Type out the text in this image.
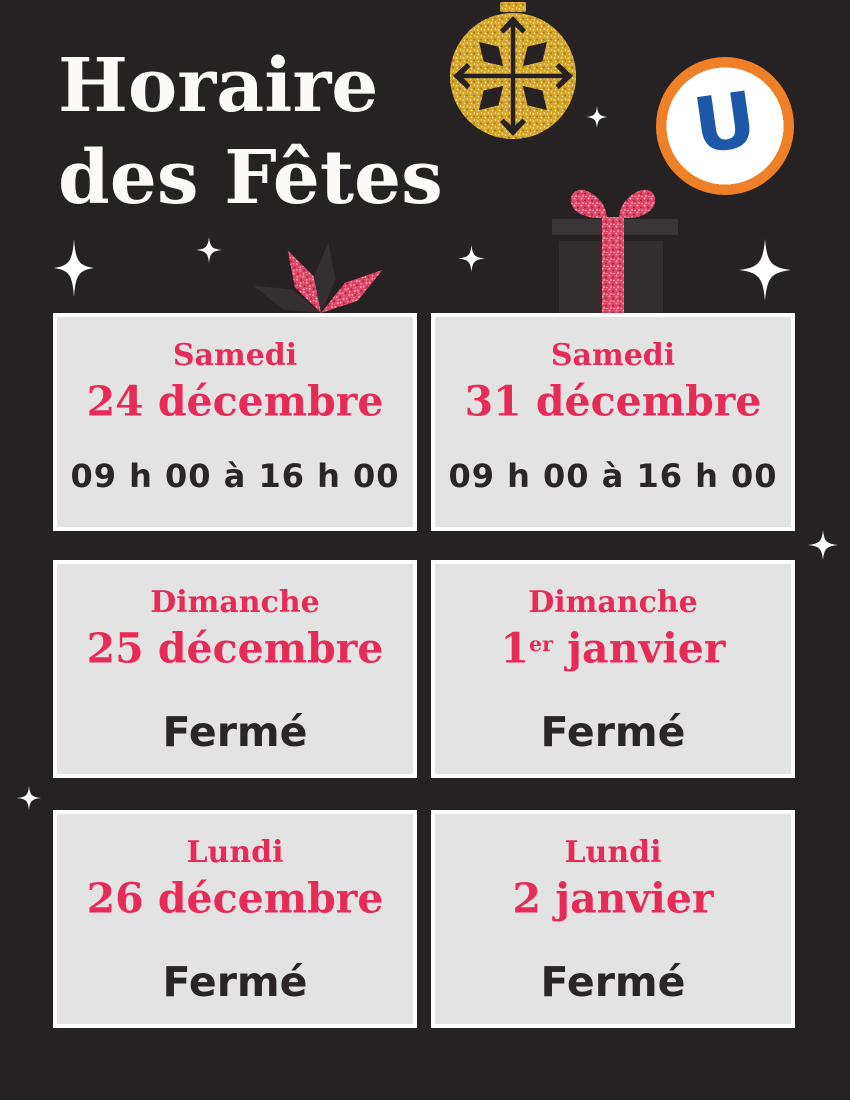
Horaire
des Fêtes
U
Samedi
24 décembre
09 h 00 à 16 h 00
Samedi
31 décembre
09 h 00 à 16 h 00
Dimanche
25 décembre
Fermé
Dimanche
1er janvier
Fermé
Lundi
26 décembre
Fermé
Lundi
2 janvier
Fermé
